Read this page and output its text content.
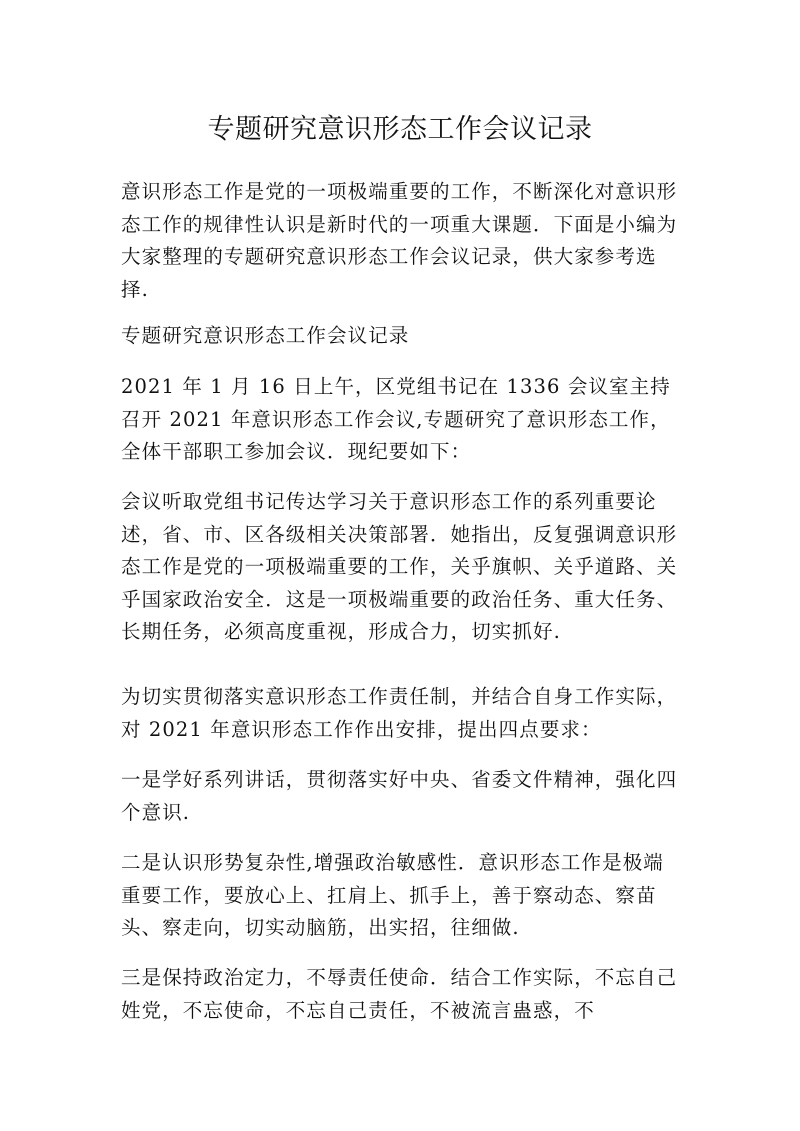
专题研究意识形态工作会议记录

意识形态工作是党的一项极端重要的工作，不断深化对意识形态工作的规律性认识是新时代的一项重大课题．下面是小编为大家整理的专题研究意识形态工作会议记录，供大家参考选择.

专题研究意识形态工作会议记录

2021 年 1 月 16 日上午，区党组书记在 1336 会议室主持召开 2021 年意识形态工作会议,专题研究了意识形态工作，全体干部职工参加会议．现纪要如下：

会议听取党组书记传达学习关于意识形态工作的系列重要论述，省、市、区各级相关决策部署．她指出，反复强调意识形态工作是党的一项极端重要的工作，关乎旗帜、关乎道路、关乎国家政治安全．这是一项极端重要的政治任务、重大任务、长期任务，必须高度重视，形成合力，切实抓好.

为切实贯彻落实意识形态工作责任制，并结合自身工作实际，对 2021 年意识形态工作作出安排，提出四点要求：

一是学好系列讲话，贯彻落实好中央、省委文件精神，强化四个意识.

二是认识形势复杂性,增强政治敏感性．意识形态工作是极端重要工作，要放心上、扛肩上、抓手上，善于察动态、察苗头、察走向，切实动脑筋，出实招，往细做.

三是保持政治定力，不辱责任使命．结合工作实际，不忘自己姓党，不忘使命，不忘自己责任，不被流言蛊惑，不
